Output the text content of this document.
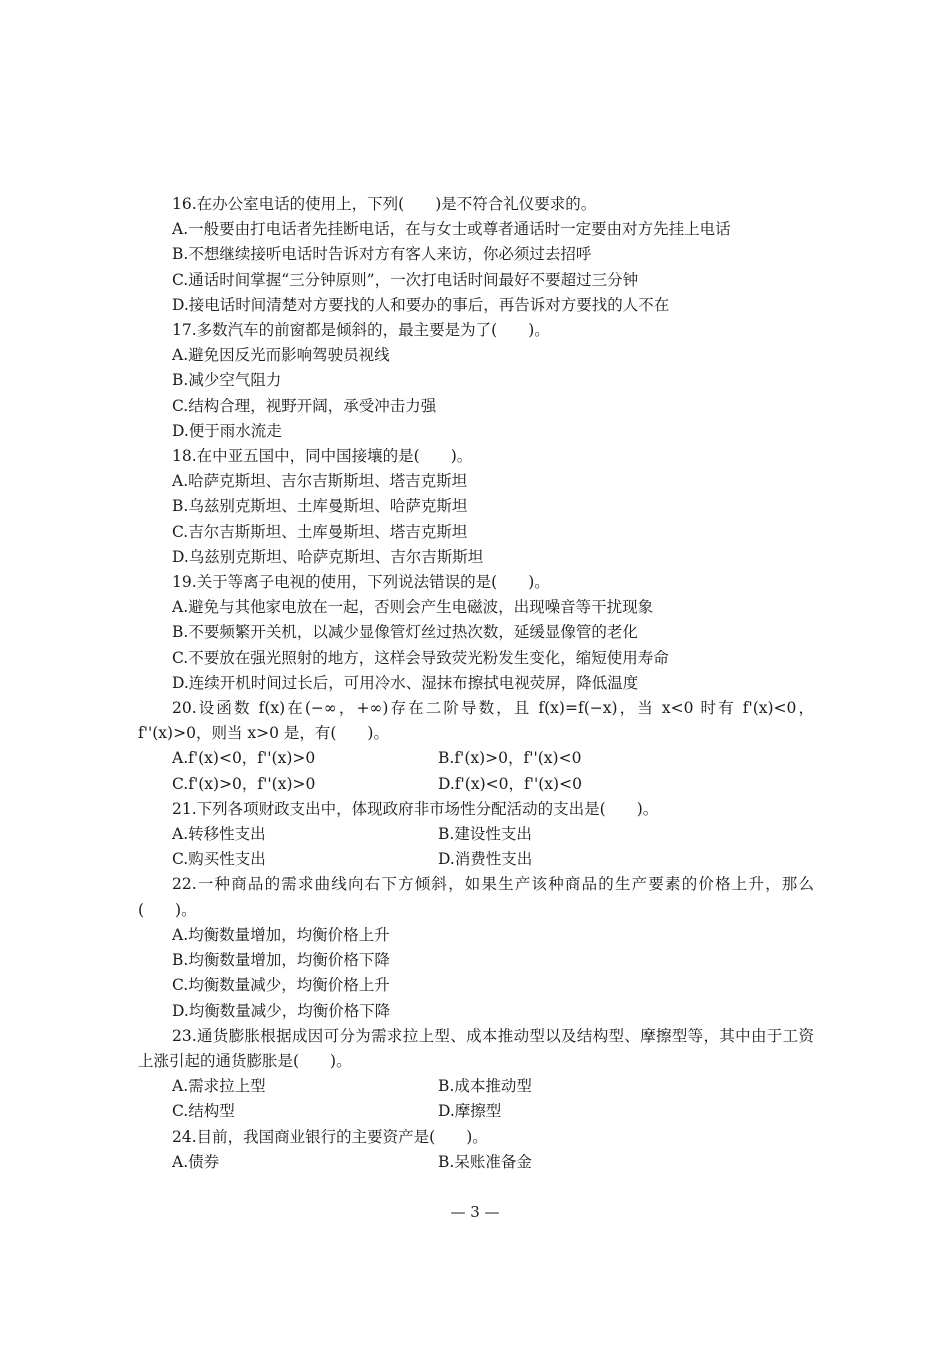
16.在办公室电话的使用上，下列(　　)是不符合礼仪要求的。

A.一般要由打电话者先挂断电话，在与女士或尊者通话时一定要由对方先挂上电话

B.不想继续接听电话时告诉对方有客人来访，你必须过去招呼

C.通话时间掌握“三分钟原则”，一次打电话时间最好不要超过三分钟

D.接电话时间清楚对方要找的人和要办的事后，再告诉对方要找的人不在

17.多数汽车的前窗都是倾斜的，最主要是为了(　　)。

A.避免因反光而影响驾驶员视线

B.减少空气阻力

C.结构合理，视野开阔，承受冲击力强

D.便于雨水流走

18.在中亚五国中，同中国接壤的是(　　)。

A.哈萨克斯坦、吉尔吉斯斯坦、塔吉克斯坦

B.乌兹别克斯坦、土库曼斯坦、哈萨克斯坦

C.吉尔吉斯斯坦、土库曼斯坦、塔吉克斯坦

D.乌兹别克斯坦、哈萨克斯坦、吉尔吉斯斯坦

19.关于等离子电视的使用，下列说法错误的是(　　)。

A.避免与其他家电放在一起，否则会产生电磁波，出现噪音等干扰现象

B.不要频繁开关机，以减少显像管灯丝过热次数，延缓显像管的老化

C.不要放在强光照射的地方，这样会导致荧光粉发生变化，缩短使用寿命

D.连续开机时间过长后，可用冷水、湿抹布擦拭电视荧屏，降低温度

20.设函数 f(x)在(−∞，+∞)存在二阶导数，且 f(x)=f(−x)，当 x<0 时有 f'(x)<0，f''(x)>0，则当 x>0 是，有(　　)。

A.f'(x)<0，f''(x)>0	B.f'(x)>0，f''(x)<0
C.f'(x)>0，f''(x)>0	D.f'(x)<0，f''(x)<0

21.下列各项财政支出中，体现政府非市场性分配活动的支出是(　　)。

A.转移性支出	B.建设性支出
C.购买性支出	D.消费性支出

22.一种商品的需求曲线向右下方倾斜，如果生产该种商品的生产要素的价格上升，那么(　　)。

A.均衡数量增加，均衡价格上升

B.均衡数量增加，均衡价格下降

C.均衡数量减少，均衡价格上升

D.均衡数量减少，均衡价格下降

23.通货膨胀根据成因可分为需求拉上型、成本推动型以及结构型、摩擦型等，其中由于工资上涨引起的通货膨胀是(　　)。

A.需求拉上型	B.成本推动型
C.结构型	D.摩擦型

24.目前，我国商业银行的主要资产是(　　)。

A.债券	B.呆账准备金
— 3 —
